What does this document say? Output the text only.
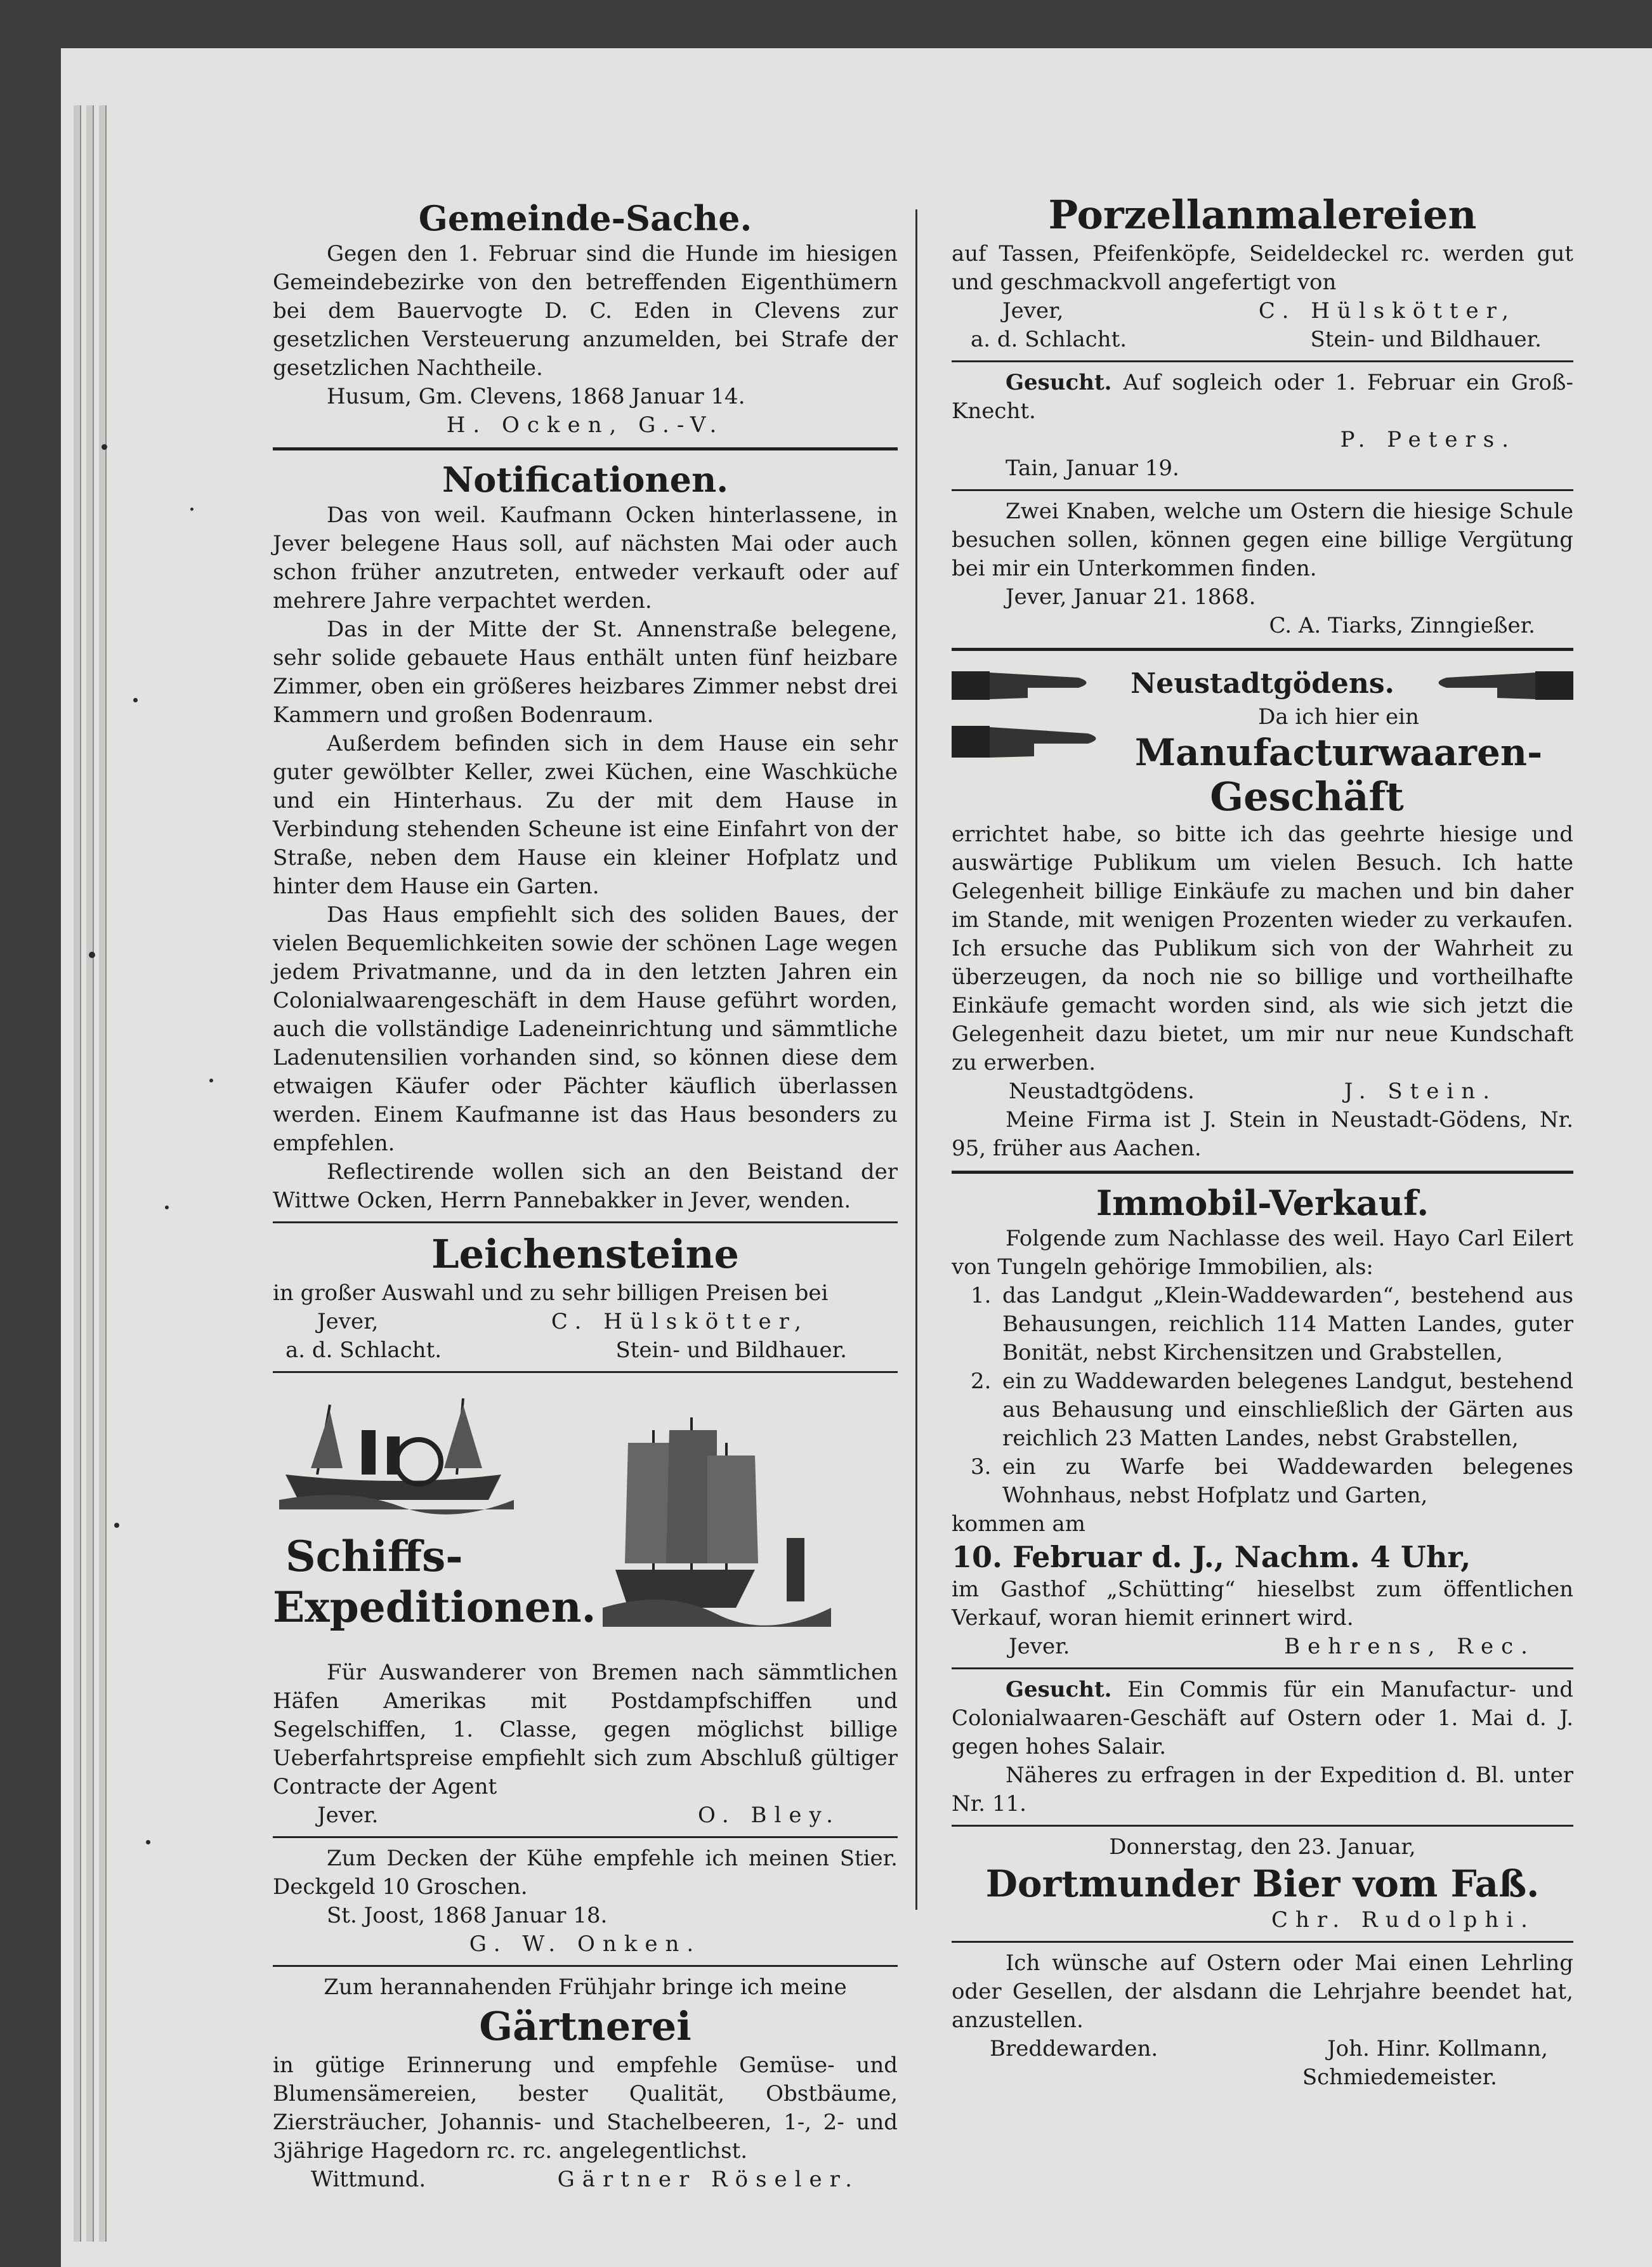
Gemeinde-Sache.

Gegen den 1. Februar sind die Hunde im hiesigen Gemeindebezirke von den betreffenden Eigenthümern bei dem Bauervogte D. C. Eden in Clevens zur gesetzlichen Versteuerung anzumelden, bei Strafe der gesetzlichen Nachtheile.

Husum, Gm. Clevens, 1868 Januar 14.

H. Ocken, G.-V.

Notificationen.

Das von weil. Kaufmann Ocken hinterlassene, in Jever belegene Haus soll, auf nächsten Mai oder auch schon früher anzutreten, entweder verkauft oder auf mehrere Jahre verpachtet werden.

Das in der Mitte der St. Annenstraße belegene, sehr solide gebauete Haus enthält unten fünf heizbare Zimmer, oben ein größeres heizbares Zimmer nebst drei Kammern und großen Bodenraum.

Außerdem befinden sich in dem Hause ein sehr guter gewölbter Keller, zwei Küchen, eine Waschküche und ein Hinterhaus. Zu der mit dem Hause in Verbindung stehenden Scheune ist eine Einfahrt von der Straße, neben dem Hause ein kleiner Hofplatz und hinter dem Hause ein Garten.

Das Haus empfiehlt sich des soliden Baues, der vielen Bequemlichkeiten sowie der schönen Lage wegen jedem Privatmanne, und da in den letzten Jahren ein Colonialwaarengeschäft in dem Hause geführt worden, auch die vollständige Ladeneinrichtung und sämmtliche Ladenutensilien vorhanden sind, so können diese dem etwaigen Käufer oder Pächter käuflich überlassen werden. Einem Kaufmanne ist das Haus besonders zu empfehlen.

Reflectirende wollen sich an den Beistand der Wittwe Ocken, Herrn Pannebakker in Jever, wenden.

Leichensteine

in großer Auswahl und zu sehr billigen Preisen bei

Jever,	C. Hülskötter,
a. d. Schlacht.	Stein- und Bildhauer.

Schiffs-

Expeditionen.

Für Auswanderer von Bremen nach sämmtlichen Häfen Amerikas mit Postdampfschiffen und Segelschiffen, 1. Classe, gegen möglichst billige Ueberfahrtspreise empfiehlt sich zum Abschluß gültiger Contracte der Agent

Jever.	O. Bley.

Zum Decken der Kühe empfehle ich meinen Stier. Deckgeld 10 Groschen.

St. Joost, 1868 Januar 18.

G. W. Onken.

Zum herannahenden Frühjahr bringe ich meine

Gärtnerei

in gütige Erinnerung und empfehle Gemüse- und Blumensämereien, bester Qualität, Obstbäume, Ziersträucher, Johannis- und Stachelbeeren, 1-, 2- und 3jährige Hagedorn rc. rc. angelegentlichst.

Wittmund.	Gärtner Röseler.

Porzellanmalereien

auf Tassen, Pfeifenköpfe, Seideldeckel rc. werden gut und geschmackvoll angefertigt von

Jever,	C. Hülskötter,
a. d. Schlacht.	Stein- und Bildhauer.

Gesucht. Auf sogleich oder 1. Februar ein Groß-Knecht.

P. Peters.

Tain, Januar 19.

Zwei Knaben, welche um Ostern die hiesige Schule besuchen sollen, können gegen eine billige Vergütung bei mir ein Unterkommen finden.

Jever, Januar 21. 1868.

C. A. Tiarks, Zinngießer.

Neustadtgödens.

Da ich hier ein

Manufacturwaaren-

Geschäft

errichtet habe, so bitte ich das geehrte hiesige und auswärtige Publikum um vielen Besuch. Ich hatte Gelegenheit billige Einkäufe zu machen und bin daher im Stande, mit wenigen Prozenten wieder zu verkaufen. Ich ersuche das Publikum sich von der Wahrheit zu überzeugen, da noch nie so billige und vortheilhafte Einkäufe gemacht worden sind, als wie sich jetzt die Gelegenheit dazu bietet, um mir nur neue Kundschaft zu erwerben.

Neustadtgödens.	J. Stein.

Meine Firma ist J. Stein in Neustadt-Gödens, Nr. 95, früher aus Aachen.

Immobil-Verkauf.

Folgende zum Nachlasse des weil. Hayo Carl Eilert von Tungeln gehörige Immobilien, als:

1. das Landgut „Klein-Waddewarden“, bestehend aus Behausungen, reichlich 114 Matten Landes, guter Bonität, nebst Kirchensitzen und Grabstellen,
2. ein zu Waddewarden belegenes Landgut, bestehend aus Behausung und einschließlich der Gärten aus reichlich 23 Matten Landes, nebst Grabstellen,
3. ein zu Warfe bei Waddewarden belegenes Wohnhaus, nebst Hofplatz und Garten,

kommen am

10. Februar d. J., Nachm. 4 Uhr,

im Gasthof „Schütting“ hieselbst zum öffentlichen Verkauf, woran hiemit erinnert wird.

Jever.	Behrens, Rec.

Gesucht. Ein Commis für ein Manufactur- und Colonialwaaren-Geschäft auf Ostern oder 1. Mai d. J. gegen hohes Salair.

Näheres zu erfragen in der Expedition d. Bl. unter Nr. 11.

Donnerstag, den 23. Januar,

Dortmunder Bier vom Faß.

Chr. Rudolphi.

Ich wünsche auf Ostern oder Mai einen Lehrling oder Gesellen, der alsdann die Lehrjahre beendet hat, anzustellen.

Breddewarden.	Joh. Hinr. Kollmann,

Schmiedemeister.
